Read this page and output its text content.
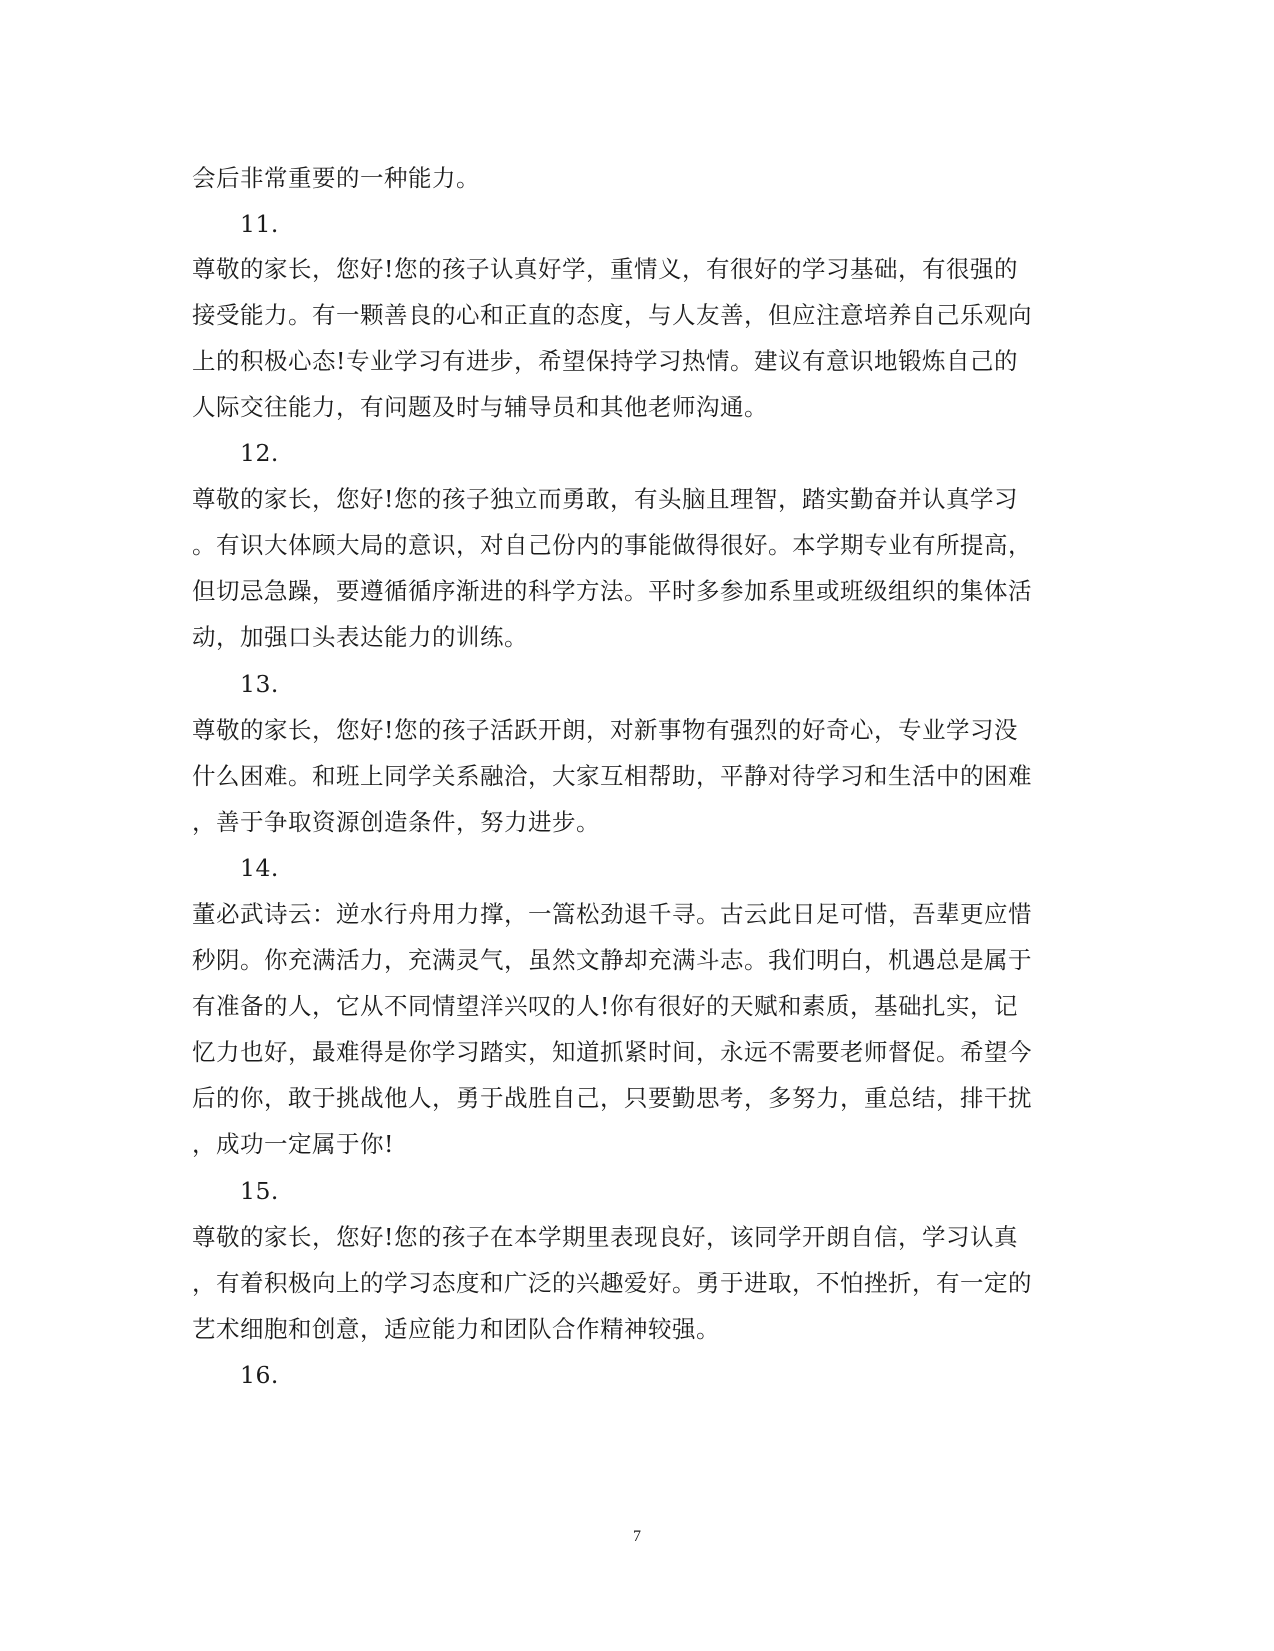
会后非常重要的一种能力。
11.
尊敬的家长，您好!您的孩子认真好学，重情义，有很好的学习基础，有很强的
接受能力。有一颗善良的心和正直的态度，与人友善，但应注意培养自己乐观向
上的积极心态!专业学习有进步，希望保持学习热情。建议有意识地锻炼自己的
人际交往能力，有问题及时与辅导员和其他老师沟通。
12.
尊敬的家长，您好!您的孩子独立而勇敢，有头脑且理智，踏实勤奋并认真学习
。有识大体顾大局的意识，对自己份内的事能做得很好。本学期专业有所提高，
但切忌急躁，要遵循循序渐进的科学方法。平时多参加系里或班级组织的集体活
动，加强口头表达能力的训练。
13.
尊敬的家长，您好!您的孩子活跃开朗，对新事物有强烈的好奇心，专业学习没
什么困难。和班上同学关系融洽，大家互相帮助，平静对待学习和生活中的困难
，善于争取资源创造条件，努力进步。
14.
董必武诗云：逆水行舟用力撑，一篙松劲退千寻。古云此日足可惜，吾辈更应惜
秒阴。你充满活力，充满灵气，虽然文静却充满斗志。我们明白，机遇总是属于
有准备的人，它从不同情望洋兴叹的人!你有很好的天赋和素质，基础扎实，记
忆力也好，最难得是你学习踏实，知道抓紧时间，永远不需要老师督促。希望今
后的你，敢于挑战他人，勇于战胜自己，只要勤思考，多努力，重总结，排干扰
，成功一定属于你!
15.
尊敬的家长，您好!您的孩子在本学期里表现良好，该同学开朗自信，学习认真
，有着积极向上的学习态度和广泛的兴趣爱好。勇于进取，不怕挫折，有一定的
艺术细胞和创意，适应能力和团队合作精神较强。
16.
7
